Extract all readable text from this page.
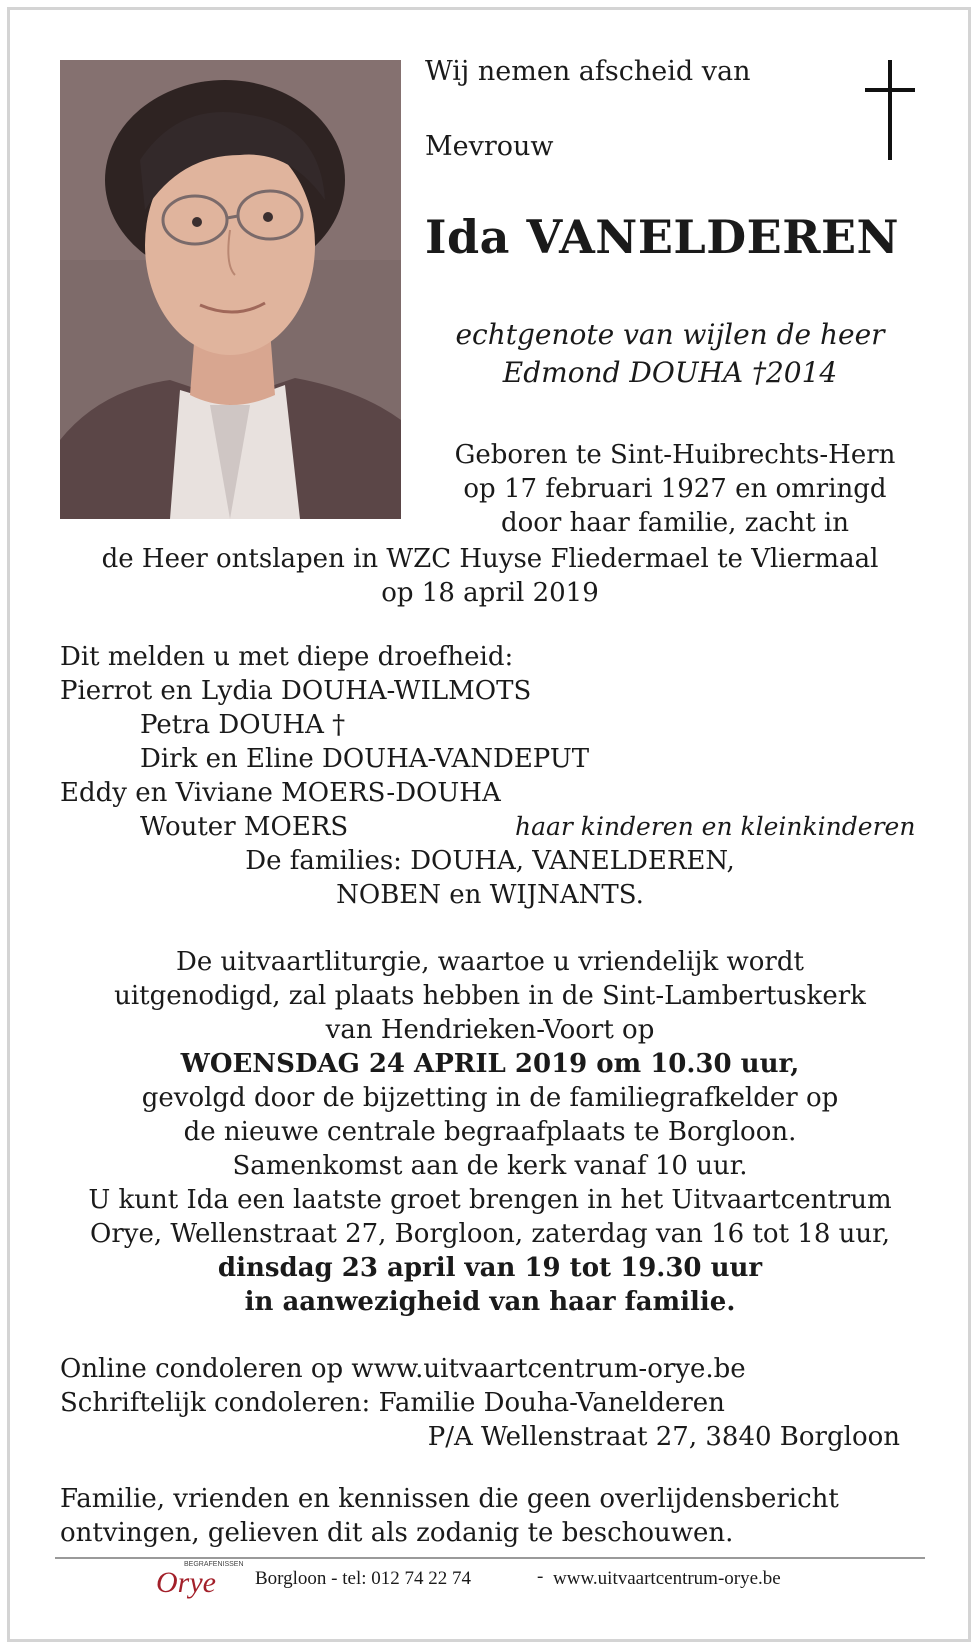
Wij nemen afscheid van
Mevrouw
Ida VANELDEREN
echtgenote van wijlen de heer
Edmond DOUHA †2014
Geboren te Sint-Huibrechts-Hern
op 17 februari 1927 en omringd
door haar familie, zacht in
de Heer ontslapen in WZC Huyse Fliedermael te Vliermaal
op 18 april 2019
Dit melden u met diepe droefheid:
Pierrot en Lydia DOUHA-WILMOTS
Petra DOUHA †
Dirk en Eline DOUHA-VANDEPUT
Eddy en Viviane MOERS-DOUHA
Wouter MOERS	haar kinderen en kleinkinderen
De families: DOUHA, VANELDEREN,
NOBEN en WIJNANTS.
De uitvaartliturgie, waartoe u vriendelijk wordt
uitgenodigd, zal plaats hebben in de Sint-Lambertuskerk
van Hendrieken-Voort op
WOENSDAG 24 APRIL 2019 om 10.30 uur,
gevolgd door de bijzetting in de familiegrafkelder op
de nieuwe centrale begraafplaats te Borgloon.
Samenkomst aan de kerk vanaf 10 uur.
U kunt Ida een laatste groet brengen in het Uitvaartcentrum
Orye, Wellenstraat 27, Borgloon, zaterdag van 16 tot 18 uur,
dinsdag 23 april van 19 tot 19.30 uur
in aanwezigheid van haar familie.
Online condoleren op www.uitvaartcentrum-orye.be
Schriftelijk condoleren: Familie Douha-Vanelderen
P/A Wellenstraat 27, 3840 Borgloon
Familie, vrienden en kennissen die geen overlijdensbericht
ontvingen, gelieven dit als zodanig te beschouwen.
BEGRAFENISSEN
Orye Borgloon - tel: 012 74 22 74	- www.uitvaartcentrum-orye.be
